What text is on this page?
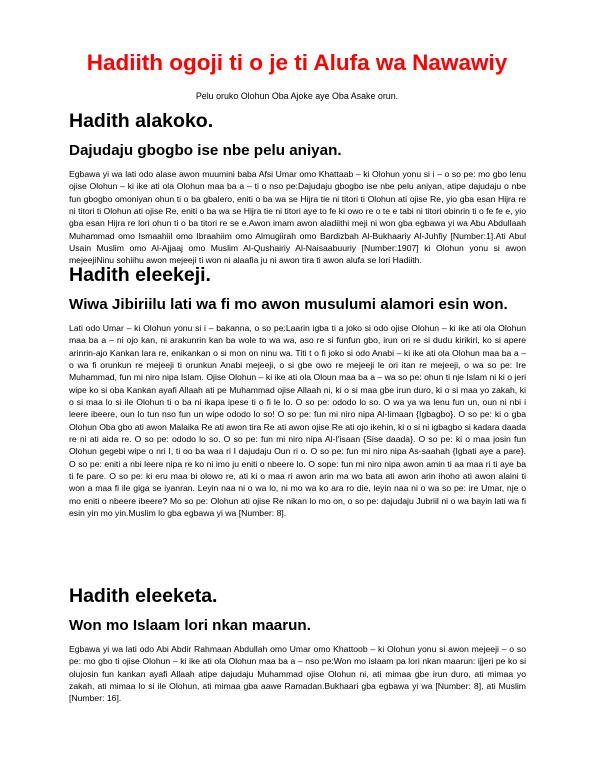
Hadiith ogoji ti o je ti Alufa wa Nawawiy

Pelu oruko Olohun Oba Ajoke aye Oba Asake orun.

Hadith alakoko.
Dajudaju gbogbo ise nbe pelu aniyan.

Egbawa yi wa lati odo alase awon muumini baba Afsi Umar omo Khattaab – ki Olohun yonu si i – o so pe: mo gbo lenu ojise Olohun – ki ike ati ola Olohun maa ba a – ti o nso pe:Dajudaju gbogbo ise nbe pelu aniyan, atipe dajudaju o nbe fun gbogbo omoniyan ohun ti o ba gbalero, eniti o ba wa se Hijra tie ni titori ti Olohun ati ojise Re, yio gba esan Hijra re ni titori ti Olohun ati ojise Re, eniti o ba wa se Hijra tie ni titori aye to fe ki owo re o te e tabi ni titori obinrin ti o fe fe e, yio gba esan Hijra re lori ohun ti o ba titori re se e.Awon imam awon aladiithi meji ni won gba egbawa yi wa Abu Abdullaah Muhammad omo Ismaahiil omo Ibraahiim omo Almugiirah omo Bardizbah Al-Bukhaariy Al-Juhfiy [Number:1].Ati Abul Usain Muslim omo Al-Ajjaaj omo Muslim Al-Qushairiy Al-Naisaabuuriy [Number:1907] ki Olohun yonu si awon mejeejiNinu sohiihu awon mejeeji ti won ni alaafia ju ni awon tira ti awon alufa se lori Hadiith.

Hadith eleekeji.
Wiwa Jibiriilu lati wa fi mo awon musulumi alamori esin won.

Lati odo Umar – ki Olohun yonu si i – bakanna, o so pe:Laarin igba ti a joko si odo ojise Olohun – ki ike ati ola Olohun maa ba a – ni ojo kan, ni arakunrin kan ba wole to wa wa, aso re si funfun gbo, irun ori re si dudu kirikiri, ko si apere arinrin-ajo Kankan lara re, enikankan o si mon on ninu wa. Titi t o fi joko si odo Anabi – ki ike ati ola Olohun maa ba a – o wa fi orunkun re mejeeji ti orunkun Anabi mejeeji, o si gbe owo re mejeeji le ori itan re mejeeji, o wa so pe: Ire Muhammad, fun mi niro nipa Islam. Ojise Olohun – ki ike ati ola Oloun maa ba a – wa so pe: ohun ti nje Islam ni ki o jeri wipe ko si oba Kankan ayafi Allaah ati pe Muhammad ojise Allaah ni, ki o si maa gbe irun duro, ki o si maa yo zakah, ki o si maa lo si ile Olohun ti o ba ni ikapa ipese ti o fi le lo. O so pe: ododo lo so. O wa ya wa lenu fun un, oun ni nbi i leere ibeere, oun lo tun nso fun un wipe ododo lo so! O so pe: fun mi niro nipa Al-Iimaan {Igbagbo}. O so pe: ki o gba Olohun Oba gbo ati awon Malaika Re ati awon tira Re ati awon ojise Re ati ojo ikehin, ki o si ni igbagbo si kadara daada re ni ati aida re. O so pe: ododo lo so. O so pe: fun mi niro nipa Al-I'isaan {Sise daada}. O so pe: ki o maa josin fun Olohun gegebi wipe o nri I, ti oo ba waa ri I dajudaju Oun ri o. O so pe: fun mi niro nipa As-saahah {Igbati aye a pare}. O so pe: eniti a nbi leere nipa re ko ni imo ju eniti o nbeere lo. O sope: fun mi niro nipa awon amin ti aa maa ri ti aye ba ti fe pare. O so pe: ki eru maa bi olowo re, ati ki o maa ri awon arin ma wo bata ati awon arin ihoho ati awon alaini ti won a maa fi ile giga se iyanran. Leyin naa ni o wa lo, ni mo wa ko ara ro die, leyin naa ni o wa so pe: ire Umar, nje o mo eniti o nbeere ibeere? Mo so pe: Olohun ati ojise Re nikan lo mo on, o so pe: dajudaju Jubriil ni o wa bayin lati wa fi esin yin mo yin.Muslim lo gba egbawa yi wa [Number: 8].

Hadith eleeketa.
Won mo Islaam lori nkan maarun.

Egbawa yi wa lati odo Abi Abdir Rahmaan Abdullah omo Umar omo Khattoob – ki Olohun yonu si awon mejeeji – o so pe: mo gbo ti ojise Olohun – ki ike ati ola Olohun maa ba a – nso pe:Won mo islaam pa lori nkan maarun: ijjeri pe ko si olujosin fun kankan ayafi Allaah atipe dajudaju Muhammad ojise Olohun ni, ati mimaa gbe irun duro, ati mimaa yo zakah, ati mimaa lo si ile Olohun, ati mimaa gba aawe Ramadan.Bukhaari gba egbawa yi wa [Number: 8], ati Muslim [Number: 16].
